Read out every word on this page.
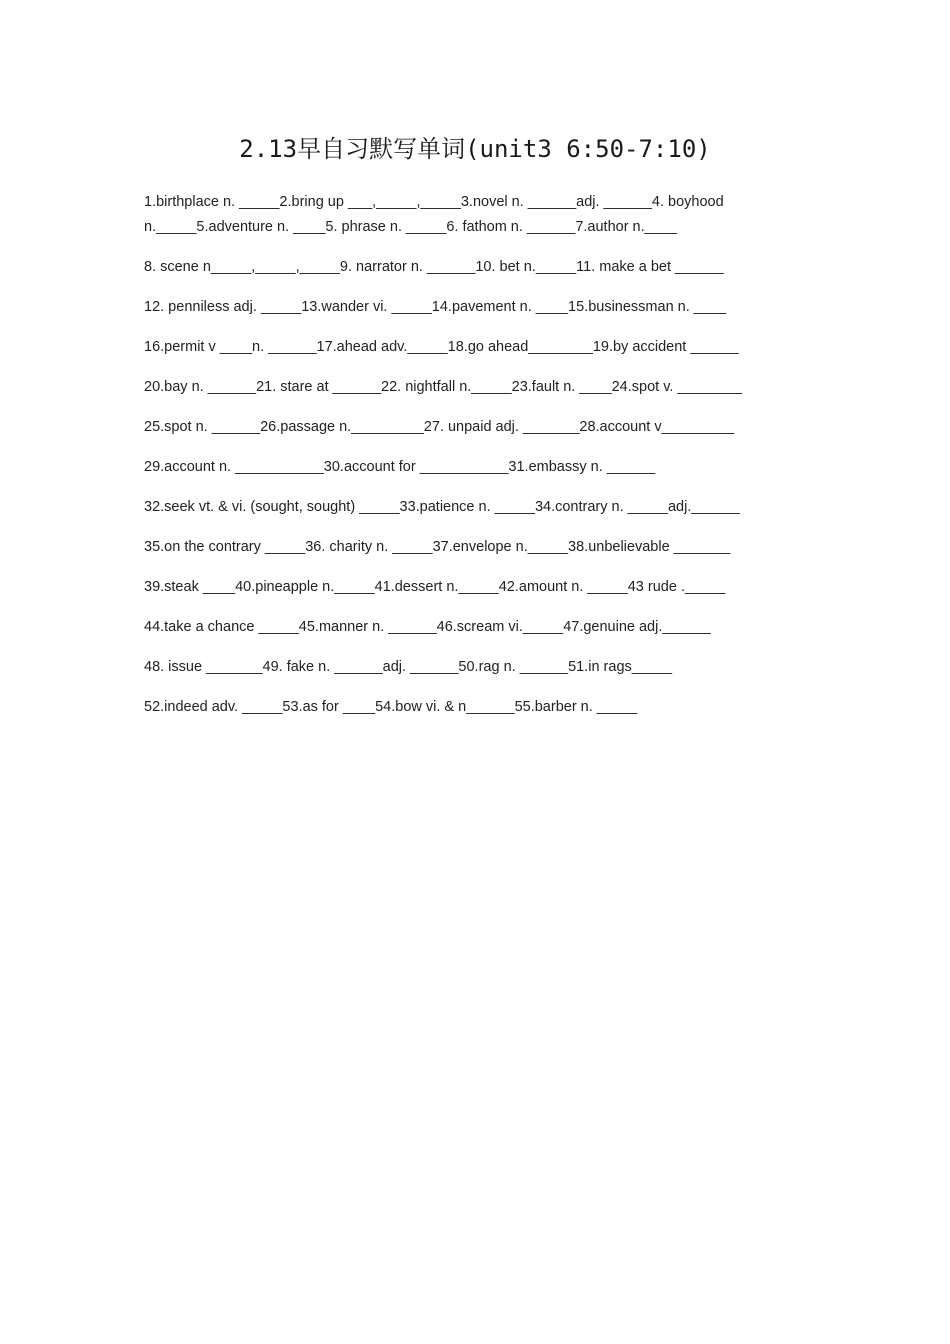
2.13早自习默写单词(unit3 6:50-7:10)

1.birthplace n. _____2.bring up ___,_____,_____3.novel n. ______adj. ______4. boyhood n._____5.adventure n. ____5. phrase n. _____6. fathom n. ______7.author n.____

8. scene n_____,_____,_____9. narrator n. ______10. bet n._____11. make a bet ______

12. penniless adj. _____13.wander vi. _____14.pavement n. ____15.businessman n. ____

16.permit v ____n. ______17.ahead adv._____18.go ahead________19.by accident ______

20.bay n. ______21. stare at ______22. nightfall n._____23.fault n. ____24.spot v. ________

25.spot n. ______26.passage n._________27. unpaid adj. _______28.account v_________

29.account n. ___________30.account for ___________31.embassy n. ______

32.seek vt. & vi. (sought, sought) _____33.patience n. _____34.contrary n. _____adj.______

35.on the contrary _____36. charity n. _____37.envelope n._____38.unbelievable _______

39.steak ____40.pineapple n._____41.dessert n._____42.amount n. _____43 rude ._____

44.take a chance _____45.manner n. ______46.scream vi._____47.genuine adj.______

48. issue _______49. fake n. ______adj. ______50.rag n. ______51.in rags_____

52.indeed adv. _____53.as for ____54.bow vi. & n______55.barber n. _____
